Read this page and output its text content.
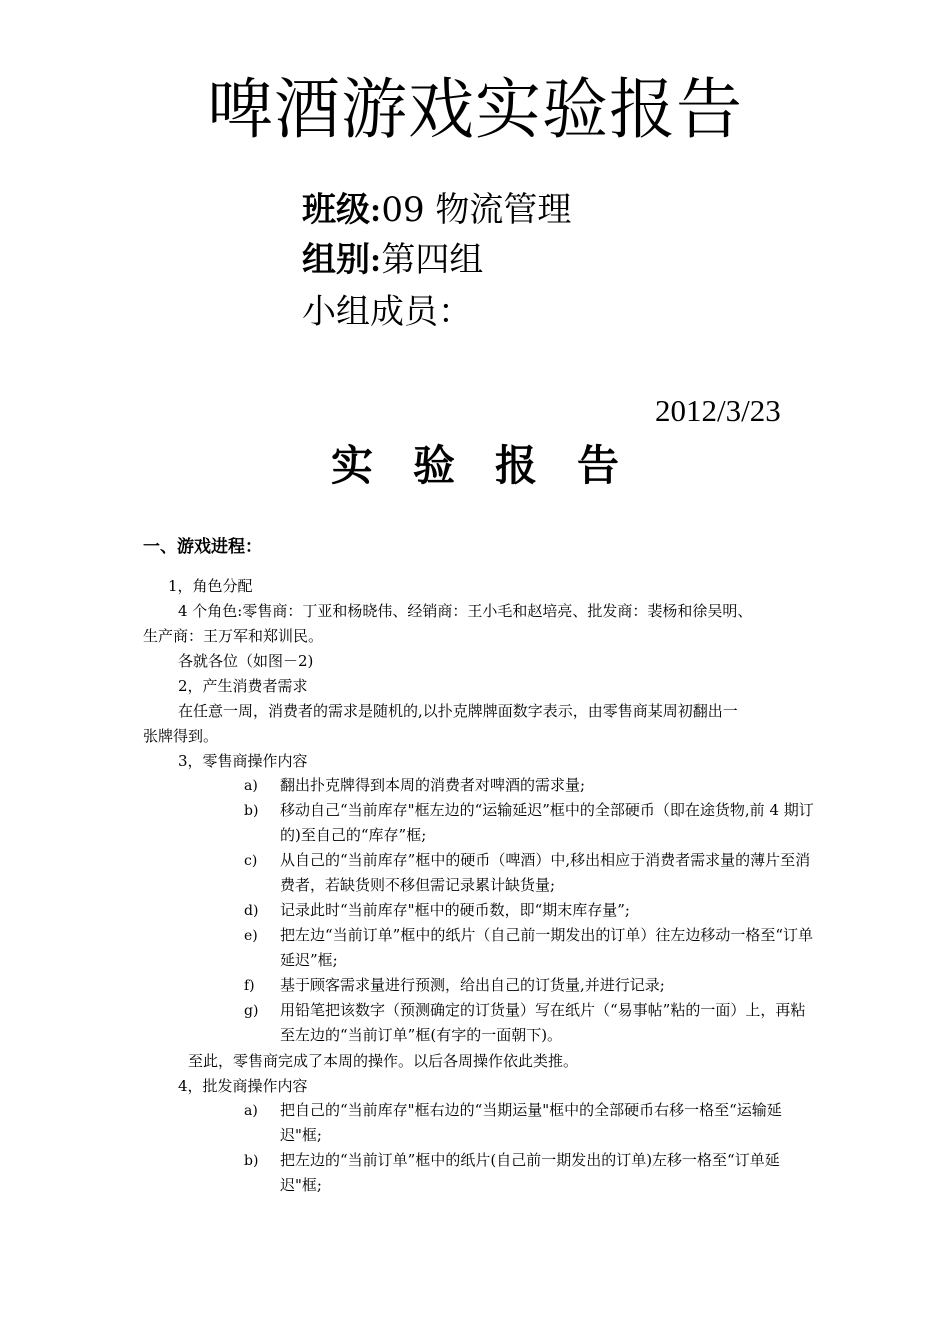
啤酒游戏实验报告
班级:09 物流管理
组别:第四组
小组成员：
2012/3/23
实 验 报 告
一、游戏进程：
1，角色分配
4 个角色:零售商：丁亚和杨晓伟、经销商：王小毛和赵培亮、批发商：裴杨和徐吴明、
生产商：王万军和郑训民。
各就各位（如图－2)
2，产生消费者需求
在任意一周，消费者的需求是随机的,以扑克牌牌面数字表示，由零售商某周初翻出一
张牌得到。
3，零售商操作内容
a) 翻出扑克牌得到本周的消费者对啤酒的需求量;
b) 移动自己“当前库存"框左边的“运输延迟”框中的全部硬币（即在途货物,前 4 期订的)至自己的“库存”框;
c) 从自己的“当前库存”框中的硬币（啤酒）中,移出相应于消费者需求量的薄片至消费者，若缺货则不移但需记录累计缺货量;
d) 记录此时“当前库存"框中的硬币数，即“期末库存量”;
e) 把左边“当前订单”框中的纸片（自己前一期发出的订单）往左边移动一格至“订单延迟”框;
f) 基于顾客需求量进行预测，给出自己的订货量,并进行记录;
g) 用铅笔把该数字（预测确定的订货量）写在纸片（“易事帖”粘的一面）上，再粘至左边的“当前订单”框(有字的一面朝下)。
至此，零售商完成了本周的操作。以后各周操作依此类推。
4，批发商操作内容
a) 把自己的“当前库存"框右边的“当期运量"框中的全部硬币右移一格至“运输延迟"框;
b) 把左边的“当前订单”框中的纸片(自己前一期发出的订单)左移一格至“订单延迟"框;
